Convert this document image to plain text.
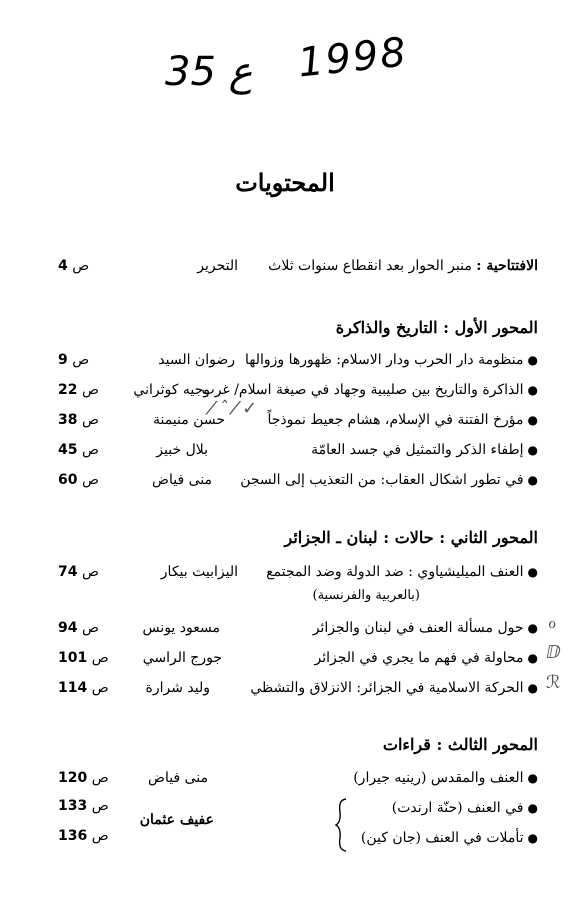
35 ع 1998
المحتويات
الافتتاحية : منبر الحوار بعد انقطاع سنوات ثلاث
التحرير
ص 4
المحور الأول : التاريخ والذاكرة
●منظومة دار الحرب ودار الاسلام: ظهورها وزوالها
رضوان السيد
ص 9
●الذاكرة والتاريخ بين صليبية وجهاد في صيغة اسلام/ غرب
وجيه كوثراني
ص 22
●مؤرخ الفتنة في الإسلام، هشام جعيط نموذجاً
حسن منيمنة
ص 38
●إطفاء الذكر والتمثيل في جسد العامّة
بلال خبيز
ص 45
●في تطور اشكال العقاب: من التعذيب إلى السجن
منى فياض
ص 60
⁄ ˆ ⁄ ✓
المحور الثاني : حالات : لبنان ـ الجزائر
●العنف الميليشياوي : ضد الدولة وضد المجتمع
(بالعربية والفرنسية)
اليزابيت بيكار
ص 74
●حول مسألة العنف في لبنان والجزائر
مسعود يونس
ص 94
●محاولة في فهم ما يجري في الجزائر
جورج الراسي
ص 101
●الحركة الاسلامية في الجزائر: الانزلاق والتشظي
وليد شرارة
ص 114
ℴ
ⅅ
ℛ
المحور الثالث : قراءات
●العنف والمقدس (رينيه جيرار)
منى فياض
ص 120
●في العنف (حنّة ارندت)
ص 133
●تأملات في العنف (جان كين)
ص 136
عفيف عثمان
